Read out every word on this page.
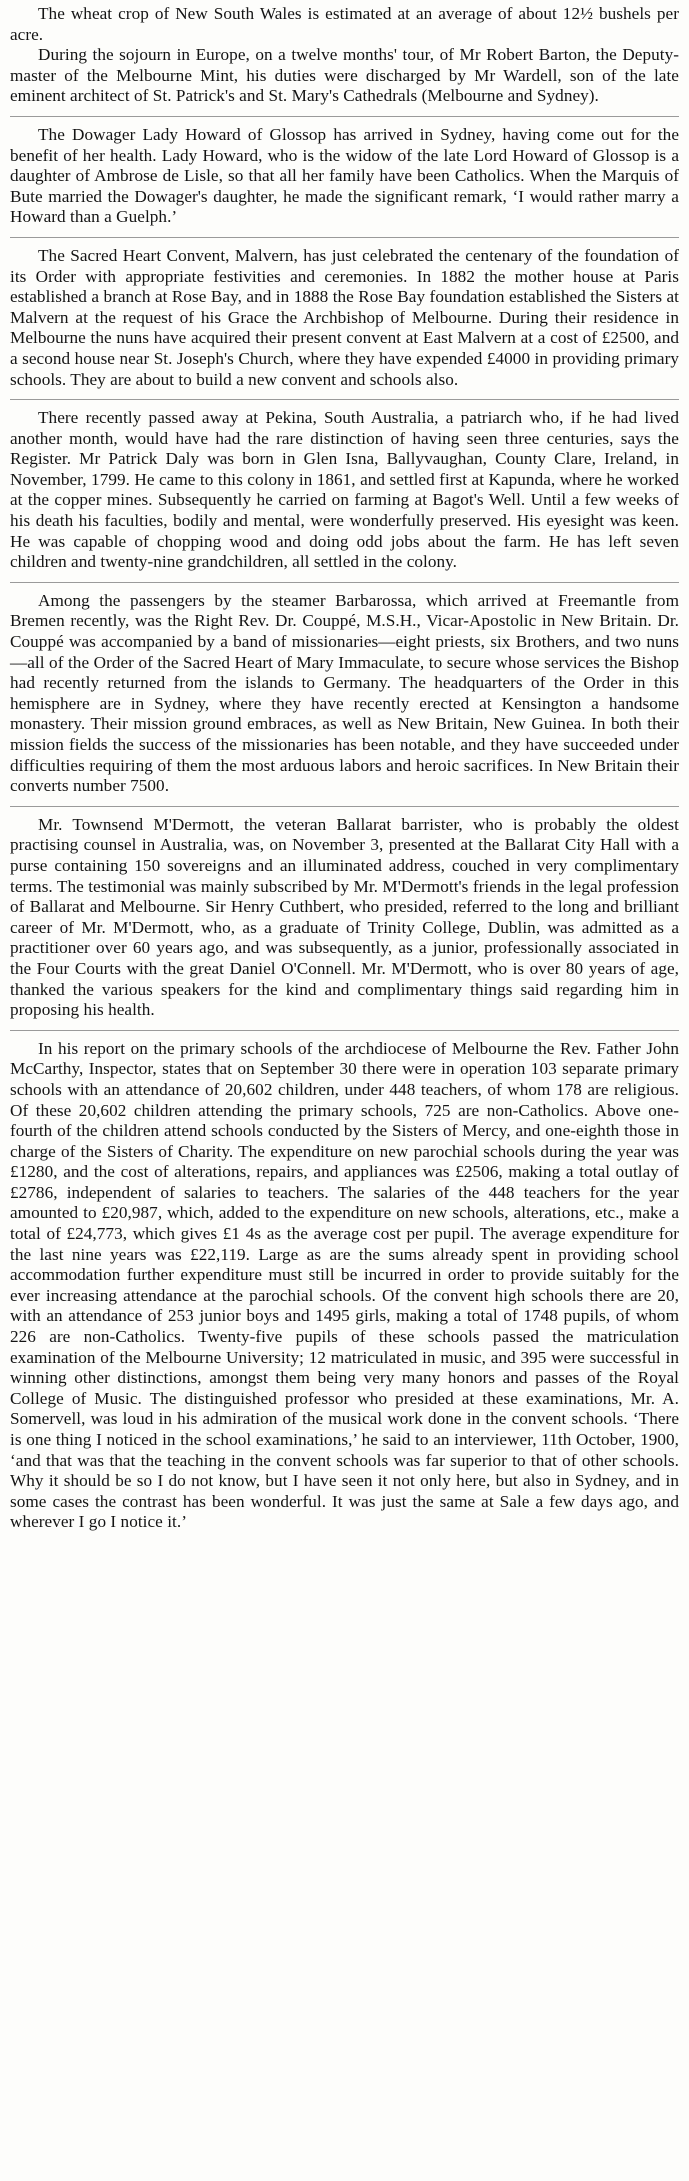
The wheat crop of New South Wales is estimated at an average of about 12½ bushels per acre.

During the sojourn in Europe, on a twelve months' tour, of Mr Robert Barton, the Deputy-master of the Melbourne Mint, his duties were discharged by Mr Wardell, son of the late eminent architect of St. Patrick's and St. Mary's Cathedrals (Melbourne and Sydney).

The Dowager Lady Howard of Glossop has arrived in Sydney, having come out for the benefit of her health. Lady Howard, who is the widow of the late Lord Howard of Glossop is a daughter of Ambrose de Lisle, so that all her family have been Catholics. When the Marquis of Bute married the Dowager's daughter, he made the significant remark, ‘I would rather marry a Howard than a Guelph.’

The Sacred Heart Convent, Malvern, has just celebrated the centenary of the foundation of its Order with appropriate festivities and ceremonies. In 1882 the mother house at Paris established a branch at Rose Bay, and in 1888 the Rose Bay foundation established the Sisters at Malvern at the request of his Grace the Archbishop of Melbourne. During their residence in Melbourne the nuns have acquired their present convent at East Malvern at a cost of £2500, and a second house near St. Joseph's Church, where they have expended £4000 in providing primary schools. They are about to build a new convent and schools also.

There recently passed away at Pekina, South Australia, a patriarch who, if he had lived another month, would have had the rare distinction of having seen three centuries, says the Register. Mr Patrick Daly was born in Glen Isna, Ballyvaughan, County Clare, Ireland, in November, 1799. He came to this colony in 1861, and settled first at Kapunda, where he worked at the copper mines. Subsequently he carried on farming at Bagot's Well. Until a few weeks of his death his faculties, bodily and mental, were wonderfully preserved. His eyesight was keen. He was capable of chopping wood and doing odd jobs about the farm. He has left seven children and twenty-nine grandchildren, all settled in the colony.

Among the passengers by the steamer Barbarossa, which arrived at Freemantle from Bremen recently, was the Right Rev. Dr. Couppé, M.S.H., Vicar-Apostolic in New Britain. Dr. Couppé was accompanied by a band of missionaries—eight priests, six Brothers, and two nuns—all of the Order of the Sacred Heart of Mary Immaculate, to secure whose services the Bishop had recently returned from the islands to Germany. The headquarters of the Order in this hemisphere are in Sydney, where they have recently erected at Kensington a handsome monastery. Their mission ground embraces, as well as New Britain, New Guinea. In both their mission fields the success of the missionaries has been notable, and they have succeeded under difficulties requiring of them the most arduous labors and heroic sacrifices. In New Britain their converts number 7500.

Mr. Townsend M'Dermott, the veteran Ballarat barrister, who is probably the oldest practising counsel in Australia, was, on November 3, presented at the Ballarat City Hall with a purse containing 150 sovereigns and an illuminated address, couched in very complimentary terms. The testimonial was mainly subscribed by Mr. M'Dermott's friends in the legal profession of Ballarat and Melbourne. Sir Henry Cuthbert, who presided, referred to the long and brilliant career of Mr. M'Dermott, who, as a graduate of Trinity College, Dublin, was admitted as a practitioner over 60 years ago, and was subsequently, as a junior, professionally associated in the Four Courts with the great Daniel O'Connell. Mr. M'Dermott, who is over 80 years of age, thanked the various speakers for the kind and complimentary things said regarding him in proposing his health.

In his report on the primary schools of the archdiocese of Melbourne the Rev. Father John McCarthy, Inspector, states that on September 30 there were in operation 103 separate primary schools with an attendance of 20,602 children, under 448 teachers, of whom 178 are religious. Of these 20,602 children attending the primary schools, 725 are non-Catholics. Above one-fourth of the children attend schools conducted by the Sisters of Mercy, and one-eighth those in charge of the Sisters of Charity. The expenditure on new parochial schools during the year was £1280, and the cost of alterations, repairs, and appliances was £2506, making a total outlay of £2786, independent of salaries to teachers. The salaries of the 448 teachers for the year amounted to £20,987, which, added to the expenditure on new schools, alterations, etc., make a total of £24,773, which gives £1 4s as the average cost per pupil. The average expenditure for the last nine years was £22,119. Large as are the sums already spent in providing school accommodation further expenditure must still be incurred in order to provide suitably for the ever increasing attendance at the parochial schools. Of the convent high schools there are 20, with an attendance of 253 junior boys and 1495 girls, making a total of 1748 pupils, of whom 226 are non-Catholics. Twenty-five pupils of these schools passed the matriculation examination of the Melbourne University; 12 matriculated in music, and 395 were successful in winning other distinctions, amongst them being very many honors and passes of the Royal College of Music. The distinguished professor who presided at these examinations, Mr. A. Somervell, was loud in his admiration of the musical work done in the convent schools. ‘There is one thing I noticed in the school examinations,’ he said to an interviewer, 11th October, 1900, ‘and that was that the teaching in the convent schools was far superior to that of other schools. Why it should be so I do not know, but I have seen it not only here, but also in Sydney, and in some cases the contrast has been wonderful. It was just the same at Sale a few days ago, and wherever I go I notice it.’
